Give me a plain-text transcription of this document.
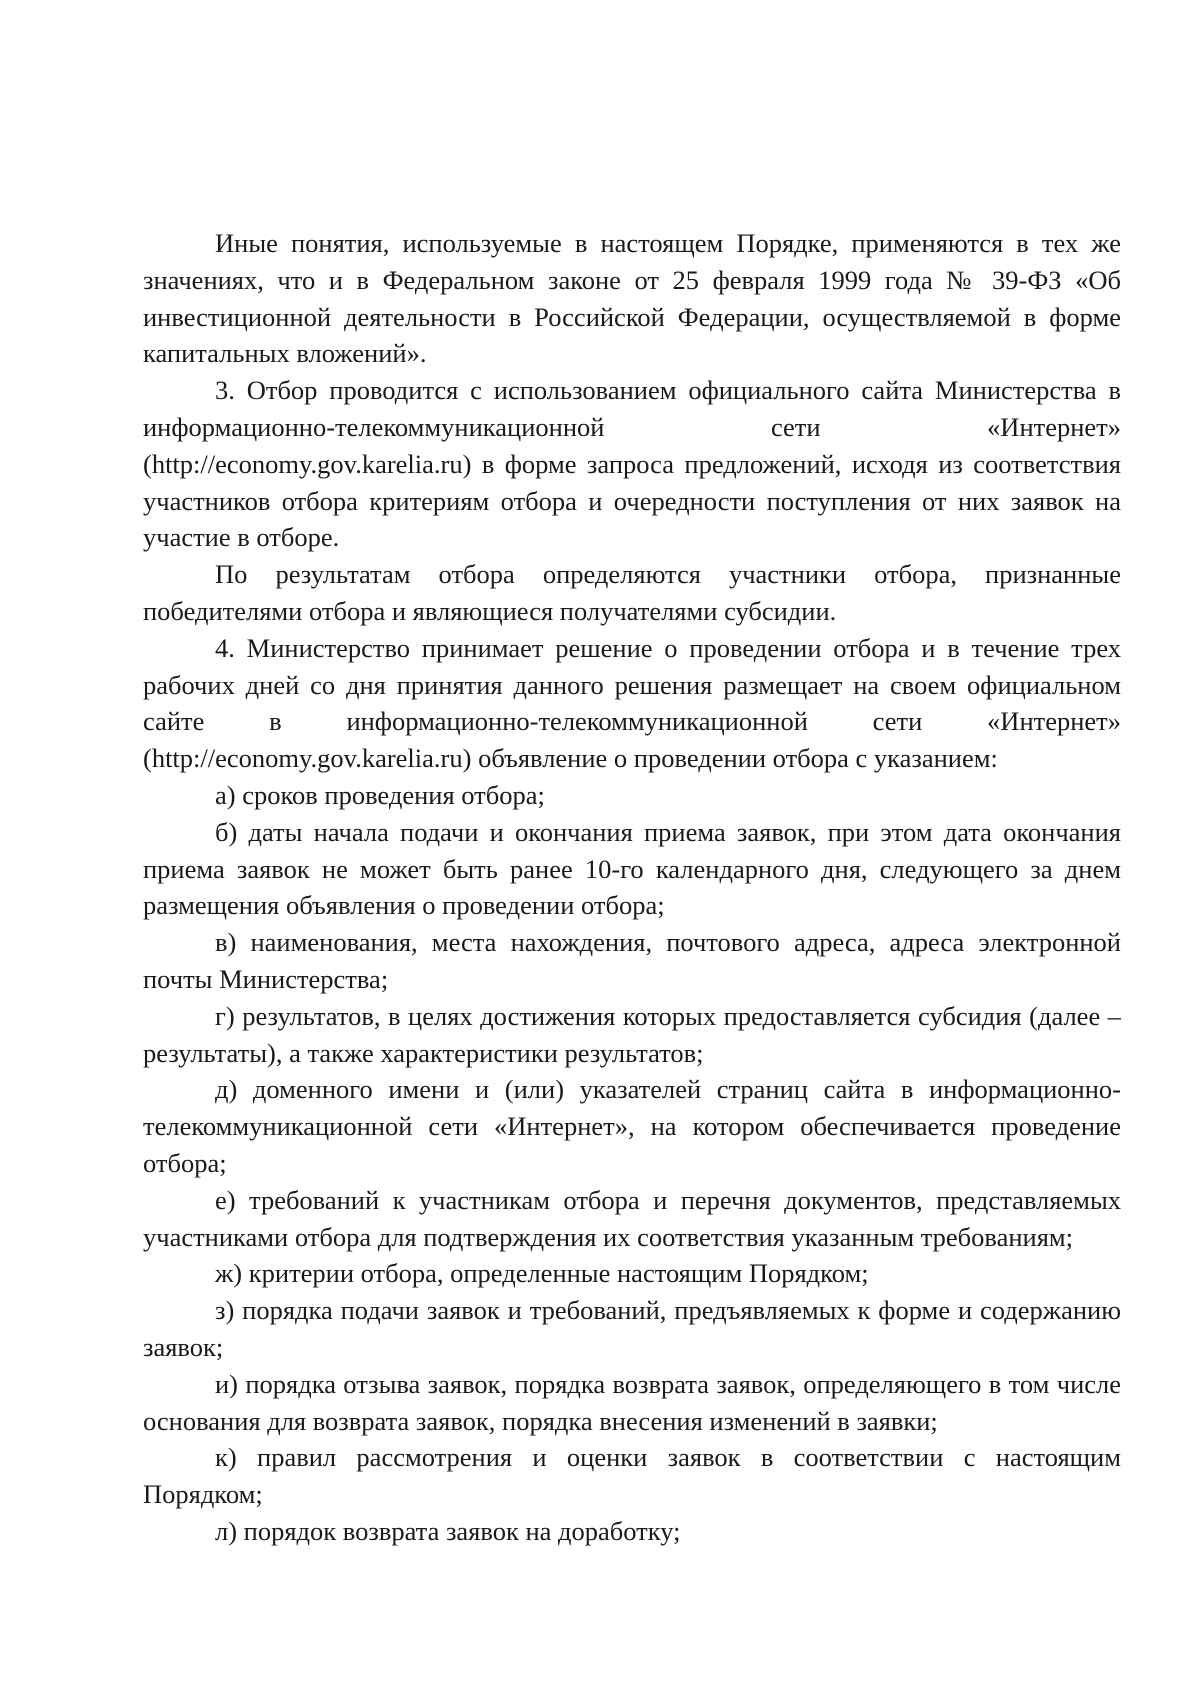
Иные понятия, используемые в настоящем Порядке, применяются в тех же значениях, что и в Федеральном законе от 25 февраля 1999 года № 39-ФЗ «Об инвестиционной деятельности в Российской Федерации, осуществляемой в форме капитальных вложений».

3. Отбор проводится с использованием официального сайта Министерства в информационно-телекоммуникационной сети «Интернет» (http://economy.gov.karelia.ru) в форме запроса предложений, исходя из соответствия участников отбора критериям отбора и очередности поступления от них заявок на участие в отборе.

По результатам отбора определяются участники отбора, признанные победителями отбора и являющиеся получателями субсидии.

4. Министерство принимает решение о проведении отбора и в течение трех рабочих дней со дня принятия данного решения размещает на своем официальном сайте в информационно-телекоммуникационной сети «Интернет» (http://economy.gov.karelia.ru) объявление о проведении отбора с указанием:

а) сроков проведения отбора;

б) даты начала подачи и окончания приема заявок, при этом дата окончания приема заявок не может быть ранее 10-го календарного дня, следующего за днем размещения объявления о проведении отбора;

в) наименования, места нахождения, почтового адреса, адреса электронной почты Министерства;

г) результатов, в целях достижения которых предоставляется субсидия (далее – результаты), а также характеристики результатов;

д) доменного имени и (или) указателей страниц сайта в информационно-телекоммуникационной сети «Интернет», на котором обеспечивается проведение отбора;

е) требований к участникам отбора и перечня документов, представляемых участниками отбора для подтверждения их соответствия указанным требованиям;

ж) критерии отбора, определенные настоящим Порядком;

з) порядка подачи заявок и требований, предъявляемых к форме и содержанию заявок;

и) порядка отзыва заявок, порядка возврата заявок, определяющего в том числе основания для возврата заявок, порядка внесения изменений в заявки;

к) правил рассмотрения и оценки заявок в соответствии с настоящим Порядком;

л) порядок возврата заявок на доработку;
